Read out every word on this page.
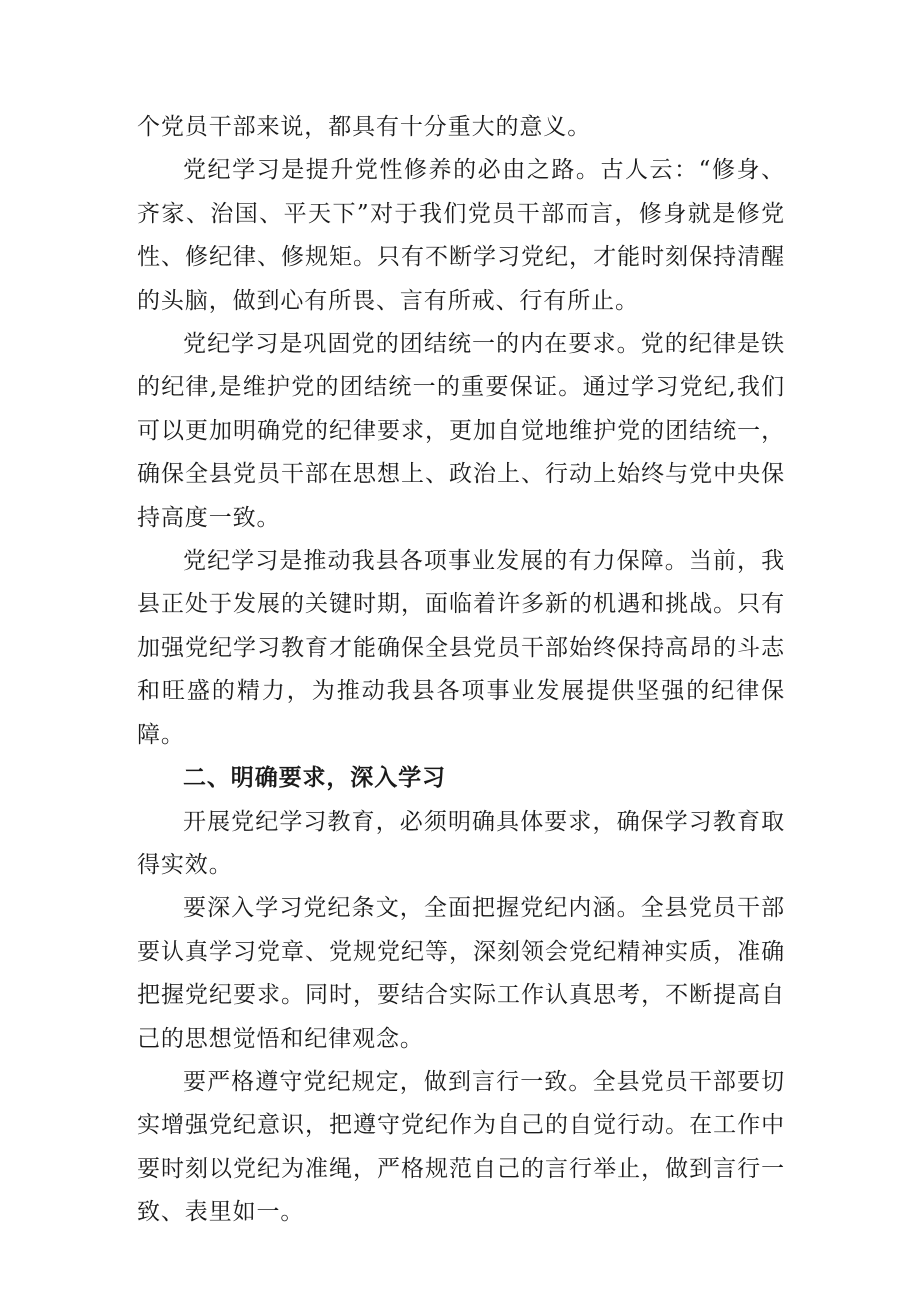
个党员干部来说，都具有十分重大的意义。

党纪学习是提升党性修养的必由之路。古人云：“修身、齐家、治国、平天下”对于我们党员干部而言，修身就是修党性、修纪律、修规矩。只有不断学习党纪，才能时刻保持清醒的头脑，做到心有所畏、言有所戒、行有所止。

党纪学习是巩固党的团结统一的内在要求。党的纪律是铁的纪律,是维护党的团结统一的重要保证。通过学习党纪,我们可以更加明确党的纪律要求，更加自觉地维护党的团结统一，确保全县党员干部在思想上、政治上、行动上始终与党中央保持高度一致。

党纪学习是推动我县各项事业发展的有力保障。当前，我县正处于发展的关键时期，面临着许多新的机遇和挑战。只有加强党纪学习教育才能确保全县党员干部始终保持高昂的斗志和旺盛的精力，为推动我县各项事业发展提供坚强的纪律保障。

二、明确要求，深入学习

开展党纪学习教育，必须明确具体要求，确保学习教育取得实效。

要深入学习党纪条文，全面把握党纪内涵。全县党员干部要认真学习党章、党规党纪等，深刻领会党纪精神实质，准确把握党纪要求。同时，要结合实际工作认真思考，不断提高自己的思想觉悟和纪律观念。

要严格遵守党纪规定，做到言行一致。全县党员干部要切实增强党纪意识，把遵守党纪作为自己的自觉行动。在工作中要时刻以党纪为准绳，严格规范自己的言行举止，做到言行一致、表里如一。
